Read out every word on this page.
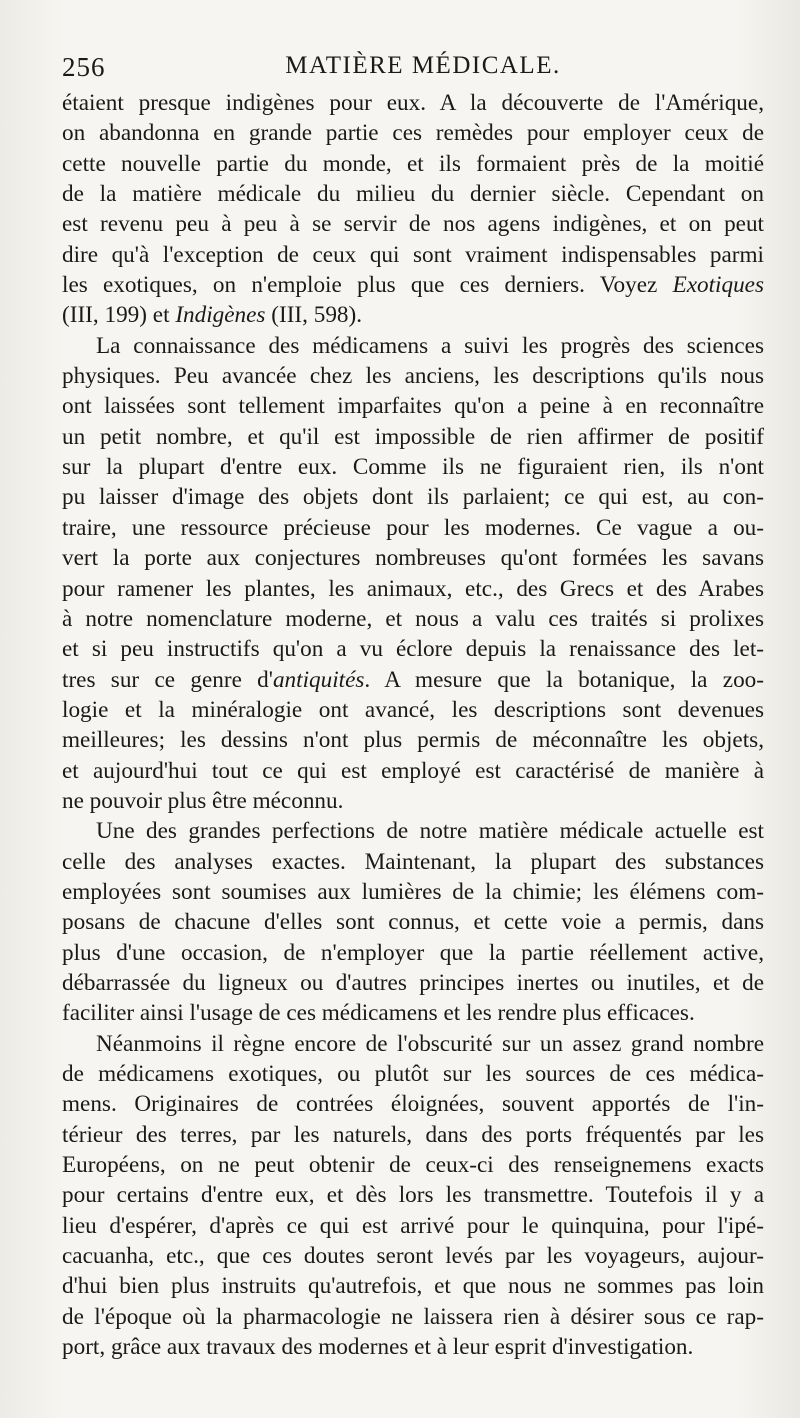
256	MATIÈRE MÉDICALE.
étaient presque indigènes pour eux. A la découverte de l'Amérique,
on abandonna en grande partie ces remèdes pour employer ceux de
cette nouvelle partie du monde, et ils formaient près de la moitié
de la matière médicale du milieu du dernier siècle. Cependant on
est revenu peu à peu à se servir de nos agens indigènes, et on peut
dire qu'à l'exception de ceux qui sont vraiment indispensables parmi
les exotiques, on n'emploie plus que ces derniers. Voyez Exotiques
(III, 199) et Indigènes (III, 598).
La connaissance des médicamens a suivi les progrès des sciences
physiques. Peu avancée chez les anciens, les descriptions qu'ils nous
ont laissées sont tellement imparfaites qu'on a peine à en reconnaître
un petit nombre, et qu'il est impossible de rien affirmer de positif
sur la plupart d'entre eux. Comme ils ne figuraient rien, ils n'ont
pu laisser d'image des objets dont ils parlaient; ce qui est, au con-
traire, une ressource précieuse pour les modernes. Ce vague a ou-
vert la porte aux conjectures nombreuses qu'ont formées les savans
pour ramener les plantes, les animaux, etc., des Grecs et des Arabes
à notre nomenclature moderne, et nous a valu ces traités si prolixes
et si peu instructifs qu'on a vu éclore depuis la renaissance des let-
tres sur ce genre d'antiquités. A mesure que la botanique, la zoo-
logie et la minéralogie ont avancé, les descriptions sont devenues
meilleures; les dessins n'ont plus permis de méconnaître les objets,
et aujourd'hui tout ce qui est employé est caractérisé de manière à
ne pouvoir plus être méconnu.
Une des grandes perfections de notre matière médicale actuelle est
celle des analyses exactes. Maintenant, la plupart des substances
employées sont soumises aux lumières de la chimie; les élémens com-
posans de chacune d'elles sont connus, et cette voie a permis, dans
plus d'une occasion, de n'employer que la partie réellement active,
débarrassée du ligneux ou d'autres principes inertes ou inutiles, et de
faciliter ainsi l'usage de ces médicamens et les rendre plus efficaces.
Néanmoins il règne encore de l'obscurité sur un assez grand nombre
de médicamens exotiques, ou plutôt sur les sources de ces médica-
mens. Originaires de contrées éloignées, souvent apportés de l'in-
térieur des terres, par les naturels, dans des ports fréquentés par les
Européens, on ne peut obtenir de ceux-ci des renseignemens exacts
pour certains d'entre eux, et dès lors les transmettre. Toutefois il y a
lieu d'espérer, d'après ce qui est arrivé pour le quinquina, pour l'ipé-
cacuanha, etc., que ces doutes seront levés par les voyageurs, aujour-
d'hui bien plus instruits qu'autrefois, et que nous ne sommes pas loin
de l'époque où la pharmacologie ne laissera rien à désirer sous ce rap-
port, grâce aux travaux des modernes et à leur esprit d'investigation.
